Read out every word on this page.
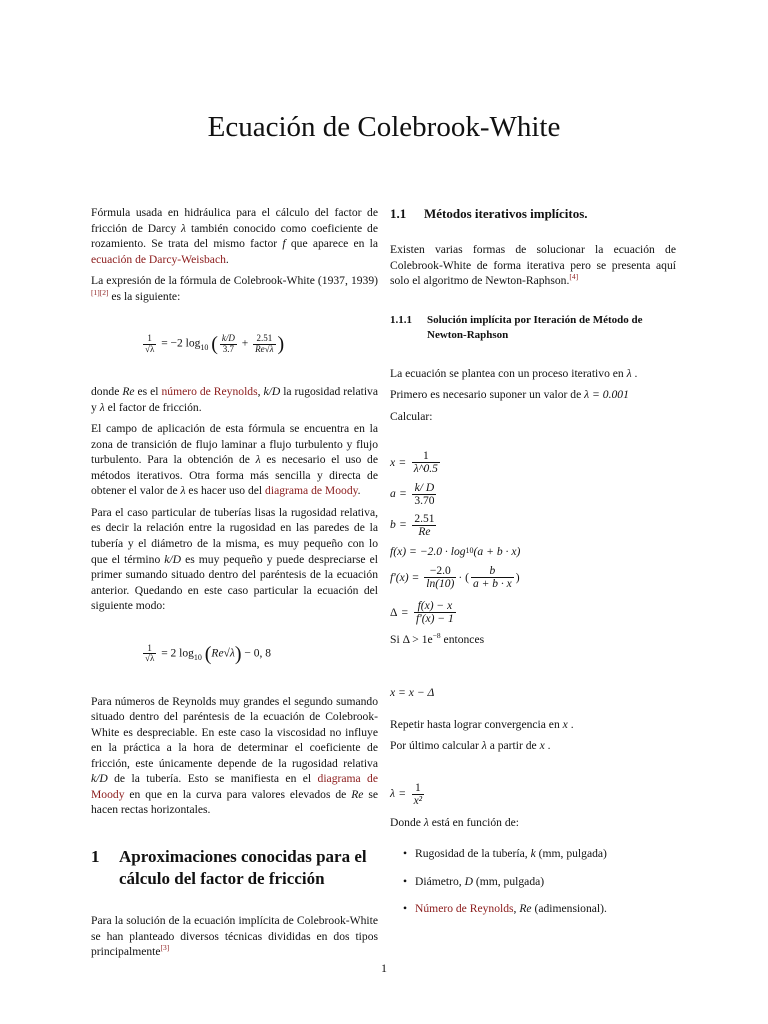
Ecuación de Colebrook-White

Fórmula usada en hidráulica para el cálculo del factor de fricción de Darcy λ también conocido como coeficiente de rozamiento. Se trata del mismo factor f que aparece en la ecuación de Darcy-Weisbach.

La expresión de la fórmula de Colebrook-White (1937, 1939)[1][2] es la siguiente:

$\frac{1}{√\lambda} = -2$ $\log_{10}$ ( $\frac{k/D}{3.7} + \frac{2.51}{Re√\lambda}$ )

donde Re es el número de Reynolds, k/D la rugosidad relativa y λ el factor de fricción.

El campo de aplicación de esta fórmula se encuentra en la zona de transición de flujo laminar a flujo turbulento y flujo turbulento. Para la obtención de λ es necesario el uso de métodos iterativos. Otra forma más sencilla y directa de obtener el valor de λ es hacer uso del diagrama de Moody.

Para el caso particular de tuberías lisas la rugosidad relativa, es decir la relación entre la rugosidad en las paredes de la tubería y el diámetro de la misma, es muy pequeño con lo que el término k/D es muy pequeño y puede despreciarse el primer sumando situado dentro del paréntesis de la ecuación anterior. Quedando en este caso particular la ecuación del siguiente modo:

$\frac{1}{√\lambda} = 2$ $\log_{10} (Re√\lambda) - 0$, 8

Para números de Reynolds muy grandes el segundo sumando situado dentro del paréntesis de la ecuación de Colebrook-White es despreciable. En este caso la viscosidad no influye en la práctica a la hora de determinar el coeficiente de fricción, este únicamente depende de la rugosidad relativa k/D de la tubería. Esto se manifiesta en el diagrama de Moody en que en la curva para valores elevados de Re se hacen rectas horizontales.

1	Aproximaciones conocidas para el cálculo del factor de fricción

Para la solución de la ecuación implícita de Colebrook-White se han planteado diversos técnicas divididas en dos tipos principalmente[3]

1.1	Métodos iterativos implícitos.

Existen varias formas de solucionar la ecuación de Colebrook-White de forma iterativa pero se presenta aquí solo el algoritmo de Newton-Raphson.[4]

1.1.1	Solución implícita por Iteración de Método de Newton-Raphson

La ecuación se plantea con un proceso iterativo en λ .

Primero es necesario suponer un valor de λ = 0.001

Calcular:

$x = \frac{1}{\lambda\^{}0.5}$
$a = \frac{k/ D}{3.70}$
$b = \frac{2.51}{Re}$
f(x) = −2.0 · log 10 (a + b · x)
f′(x) =
$\frac{-2.0}{\ln(10)}$ · ( $\frac{b}{a + b \cdot x}$ )
$\Delta = \frac{f(x) - x}{f'(x) - 1}$

Si $\Delta > 1e^{-8}$ entonces

x = x − Δ

Repetir hasta lograr convergencia en x .

Por último calcular λ a partir de x .

$\lambda = \frac{1}{\text{x²}}$

Donde λ está en función de:

• Rugosidad de la tubería, k (mm, pulgada)
• Diámetro, D (mm, pulgada)
• Número de Reynolds, Re (adimensional).
1
